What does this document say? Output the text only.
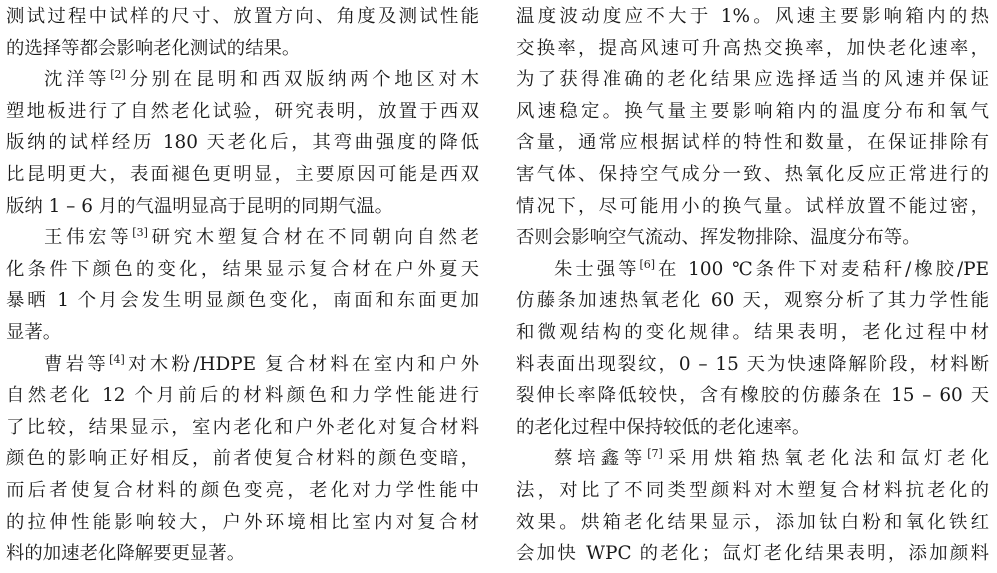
测试过程中试样的尺寸、放置方向、角度及测试性能
的选择等都会影响老化测试的结果。
沈洋等[2]分别在昆明和西双版纳两个地区对木
塑地板进行了自然老化试验，研究表明，放置于西双
版纳的试样经历 180 天老化后，其弯曲强度的降低
比昆明更大，表面褪色更明显，主要原因可能是西双
版纳 1 – 6 月的气温明显高于昆明的同期气温。
王伟宏等[3]研究木塑复合材在不同朝向自然老
化条件下颜色的变化，结果显示复合材在户外夏天
暴晒 1 个月会发生明显颜色变化，南面和东面更加
显著。
曹岩等[4]对木粉/HDPE 复合材料在室内和户外
自然老化 12 个月前后的材料颜色和力学性能进行
了比较，结果显示，室内老化和户外老化对复合材料
颜色的影响正好相反，前者使复合材料的颜色变暗，
而后者使复合材料的颜色变亮，老化对力学性能中
的拉伸性能影响较大，户外环境相比室内对复合材
料的加速老化降解要更显著。
温度波动度应不大于 1%。风速主要影响箱内的热
交换率，提高风速可升高热交换率，加快老化速率，
为了获得准确的老化结果应选择适当的风速并保证
风速稳定。换气量主要影响箱内的温度分布和氧气
含量，通常应根据试样的特性和数量，在保证排除有
害气体、保持空气成分一致、热氧化反应正常进行的
情况下，尽可能用小的换气量。试样放置不能过密，
否则会影响空气流动、挥发物排除、温度分布等。
朱士强等[6]在 100 ℃条件下对麦秸秆/橡胶/PE
仿藤条加速热氧老化 60 天，观察分析了其力学性能
和微观结构的变化规律。结果表明，老化过程中材
料表面出现裂纹，0 – 15 天为快速降解阶段，材料断
裂伸长率降低较快，含有橡胶的仿藤条在 15 – 60 天
的老化过程中保持较低的老化速率。
蔡培鑫等[7]采用烘箱热氧老化法和氙灯老化
法，对比了不同类型颜料对木塑复合材料抗老化的
效果。烘箱老化结果显示，添加钛白粉和氧化铁红
会加快 WPC 的老化；氙灯老化结果表明，添加颜料
